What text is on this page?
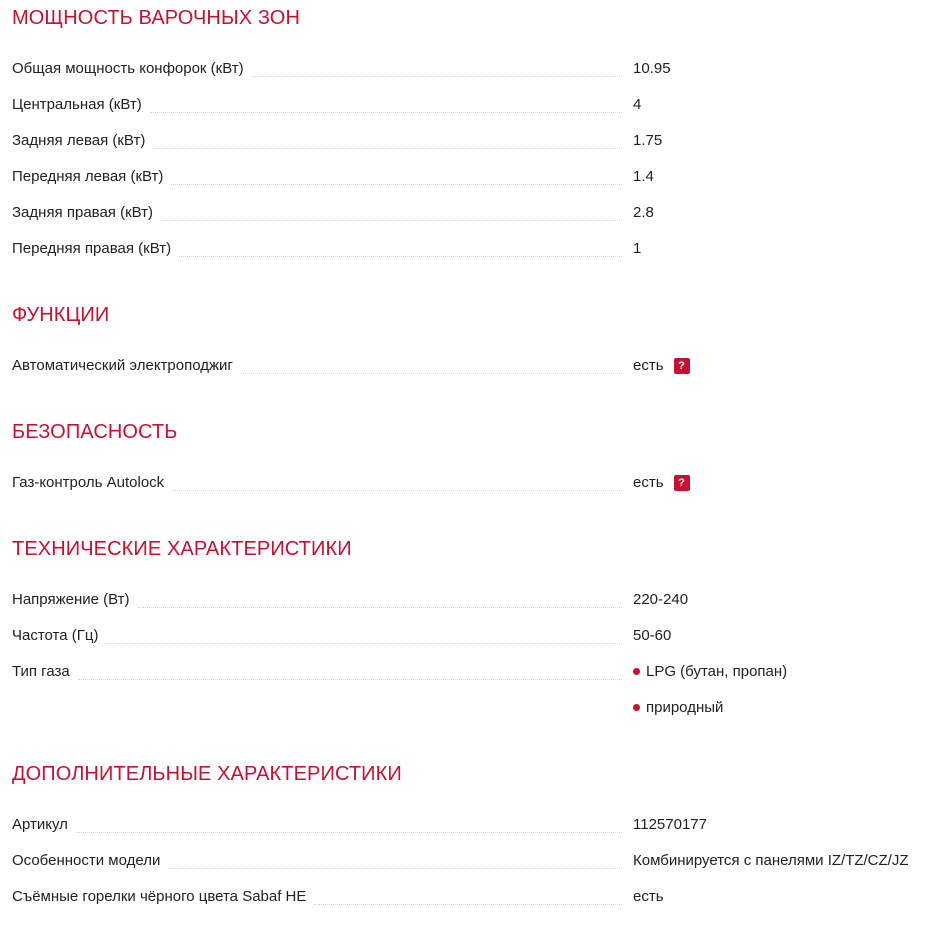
МОЩНОСТЬ ВАРОЧНЫХ ЗОН
Общая мощность конфорок (кВт)	10.95
Центральная (кВт)	4
Задняя левая (кВт)	1.75
Передняя левая (кВт)	1.4
Задняя правая (кВт)	2.8
Передняя правая (кВт)	1
ФУНКЦИИ
Автоматический электроподжиг	есть	?
БЕЗОПАСНОСТЬ
Газ-контроль Autolock	есть	?
ТЕХНИЧЕСКИЕ ХАРАКТЕРИСТИКИ
Напряжение (Вт)	220-240
Частота (Гц)	50-60
Тип газа	LPG (бутан, пропан)
природный
ДОПОЛНИТЕЛЬНЫЕ ХАРАКТЕРИСТИКИ
Артикул	112570177
Особенности модели	Комбинируется с панелями IZ/TZ/CZ/JZ
Съёмные горелки чёрного цвета Sabaf HE	есть
